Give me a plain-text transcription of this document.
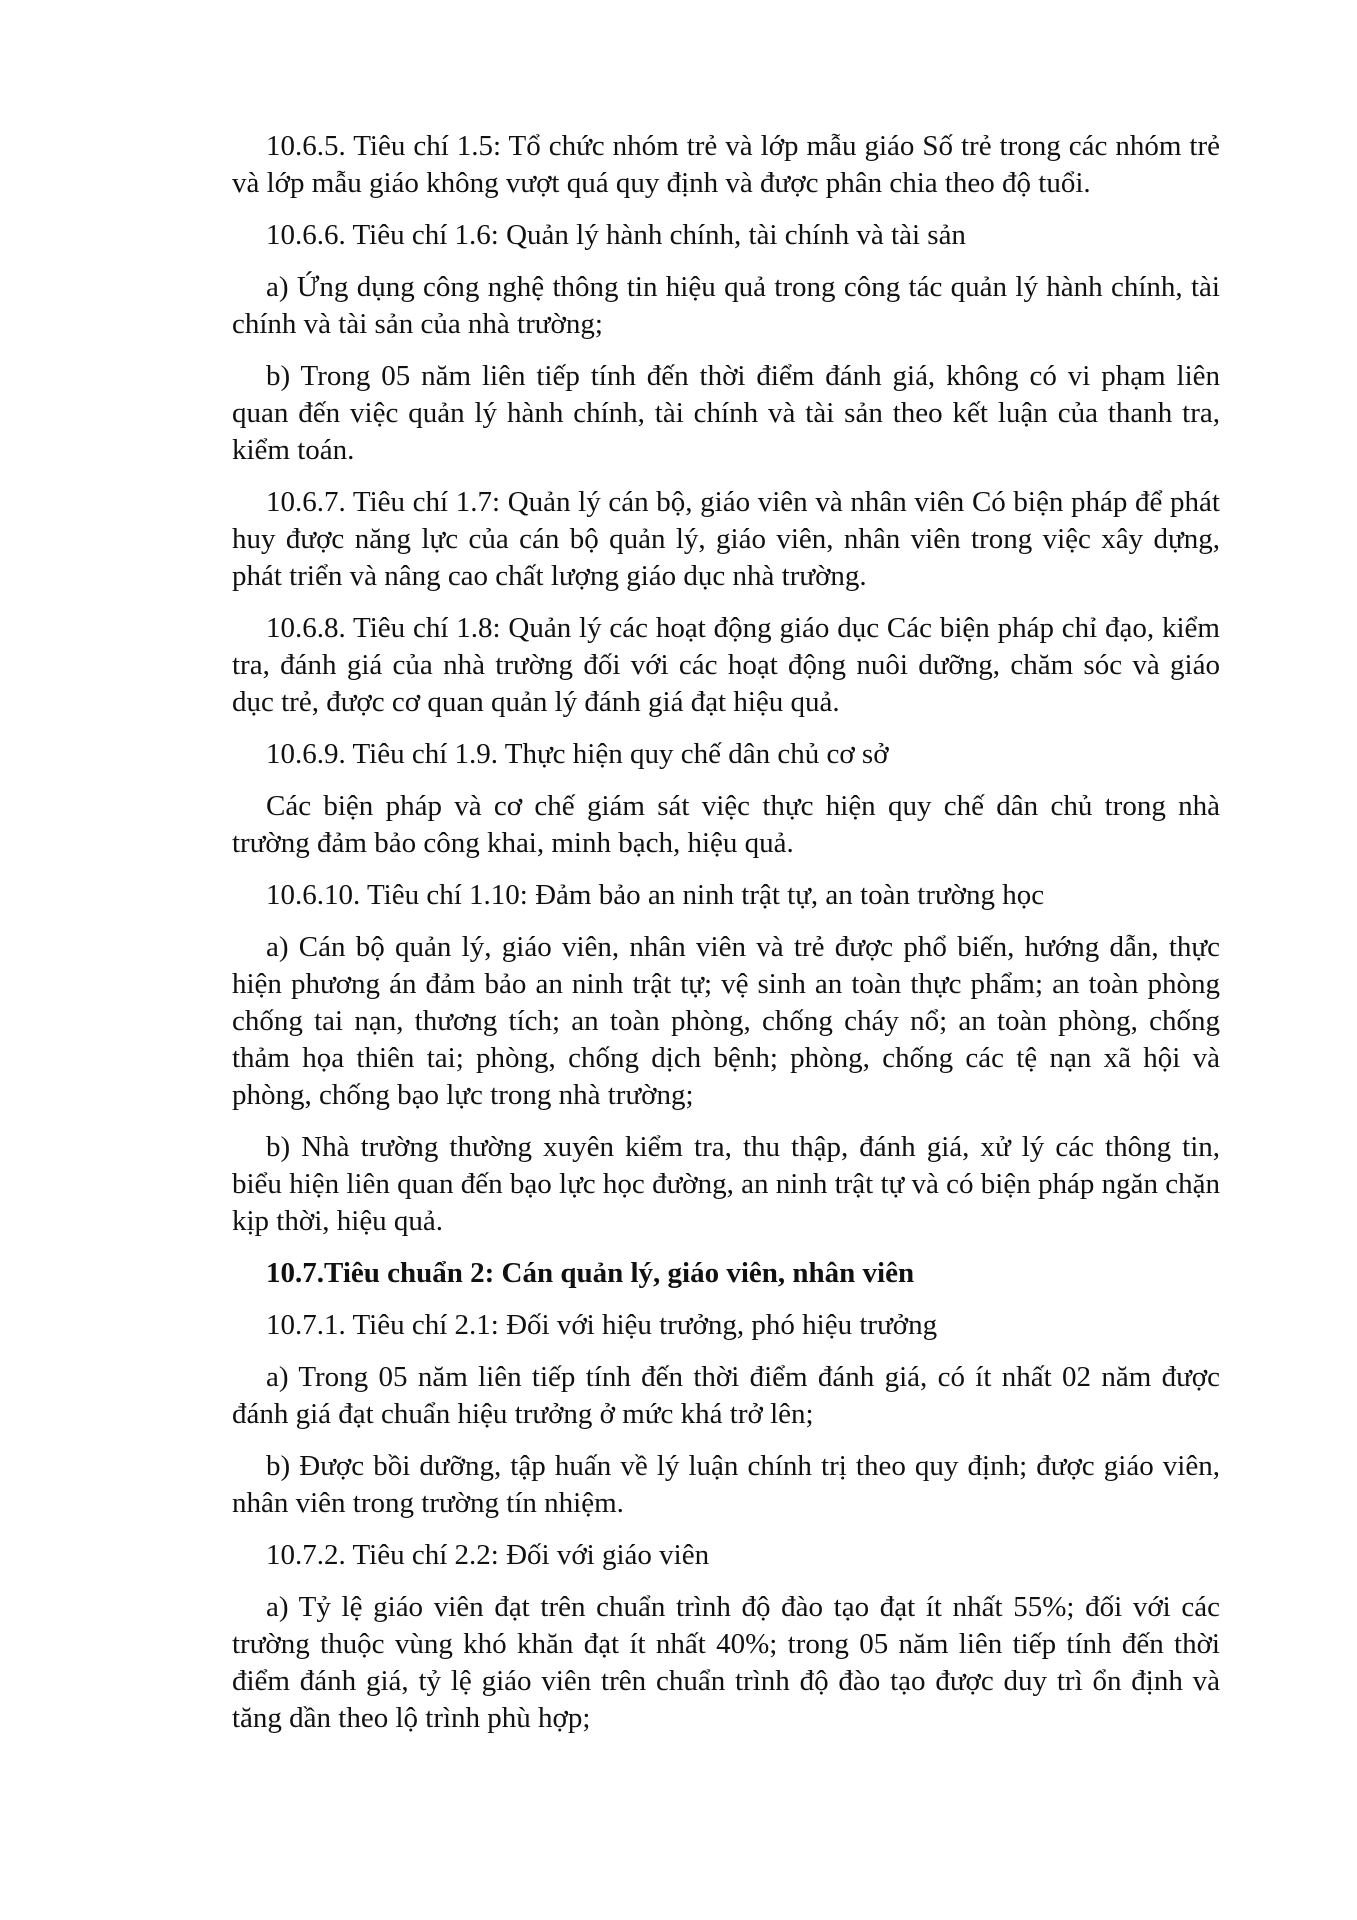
10.6.5. Tiêu chí 1.5: Tổ chức nhóm trẻ và lớp mẫu giáo Số trẻ trong các nhóm trẻ và lớp mẫu giáo không vượt quá quy định và được phân chia theo độ tuổi.

10.6.6. Tiêu chí 1.6: Quản lý hành chính, tài chính và tài sản

a) Ứng dụng công nghệ thông tin hiệu quả trong công tác quản lý hành chính, tài chính và tài sản của nhà trường;

b) Trong 05 năm liên tiếp tính đến thời điểm đánh giá, không có vi phạm liên quan đến việc quản lý hành chính, tài chính và tài sản theo kết luận của thanh tra, kiểm toán.

10.6.7. Tiêu chí 1.7: Quản lý cán bộ, giáo viên và nhân viên Có biện pháp để phát huy được năng lực của cán bộ quản lý, giáo viên, nhân viên trong việc xây dựng, phát triển và nâng cao chất lượng giáo dục nhà trường.

10.6.8. Tiêu chí 1.8: Quản lý các hoạt động giáo dục Các biện pháp chỉ đạo, kiểm tra, đánh giá của nhà trường đối với các hoạt động nuôi dưỡng, chăm sóc và giáo dục trẻ, được cơ quan quản lý đánh giá đạt hiệu quả.

10.6.9. Tiêu chí 1.9. Thực hiện quy chế dân chủ cơ sở

Các biện pháp và cơ chế giám sát việc thực hiện quy chế dân chủ trong nhà trường đảm bảo công khai, minh bạch, hiệu quả.

10.6.10. Tiêu chí 1.10: Đảm bảo an ninh trật tự, an toàn trường học

a) Cán bộ quản lý, giáo viên, nhân viên và trẻ được phổ biến, hướng dẫn, thực hiện phương án đảm bảo an ninh trật tự; vệ sinh an toàn thực phẩm; an toàn phòng chống tai nạn, thương tích; an toàn phòng, chống cháy nổ; an toàn phòng, chống thảm họa thiên tai; phòng, chống dịch bệnh; phòng, chống các tệ nạn xã hội và phòng, chống bạo lực trong nhà trường;

b) Nhà trường thường xuyên kiểm tra, thu thập, đánh giá, xử lý các thông tin, biểu hiện liên quan đến bạo lực học đường, an ninh trật tự và có biện pháp ngăn chặn kịp thời, hiệu quả.

10.7.Tiêu chuẩn 2: Cán quản lý, giáo viên, nhân viên

10.7.1. Tiêu chí 2.1: Đối với hiệu trưởng, phó hiệu trưởng

a) Trong 05 năm liên tiếp tính đến thời điểm đánh giá, có ít nhất 02 năm được đánh giá đạt chuẩn hiệu trưởng ở mức khá trở lên;

b) Được bồi dưỡng, tập huấn về lý luận chính trị theo quy định; được giáo viên, nhân viên trong trường tín nhiệm.

10.7.2. Tiêu chí 2.2: Đối với giáo viên

a) Tỷ lệ giáo viên đạt trên chuẩn trình độ đào tạo đạt ít nhất 55%; đối với các trường thuộc vùng khó khăn đạt ít nhất 40%; trong 05 năm liên tiếp tính đến thời điểm đánh giá, tỷ lệ giáo viên trên chuẩn trình độ đào tạo được duy trì ổn định và tăng dần theo lộ trình phù hợp;
